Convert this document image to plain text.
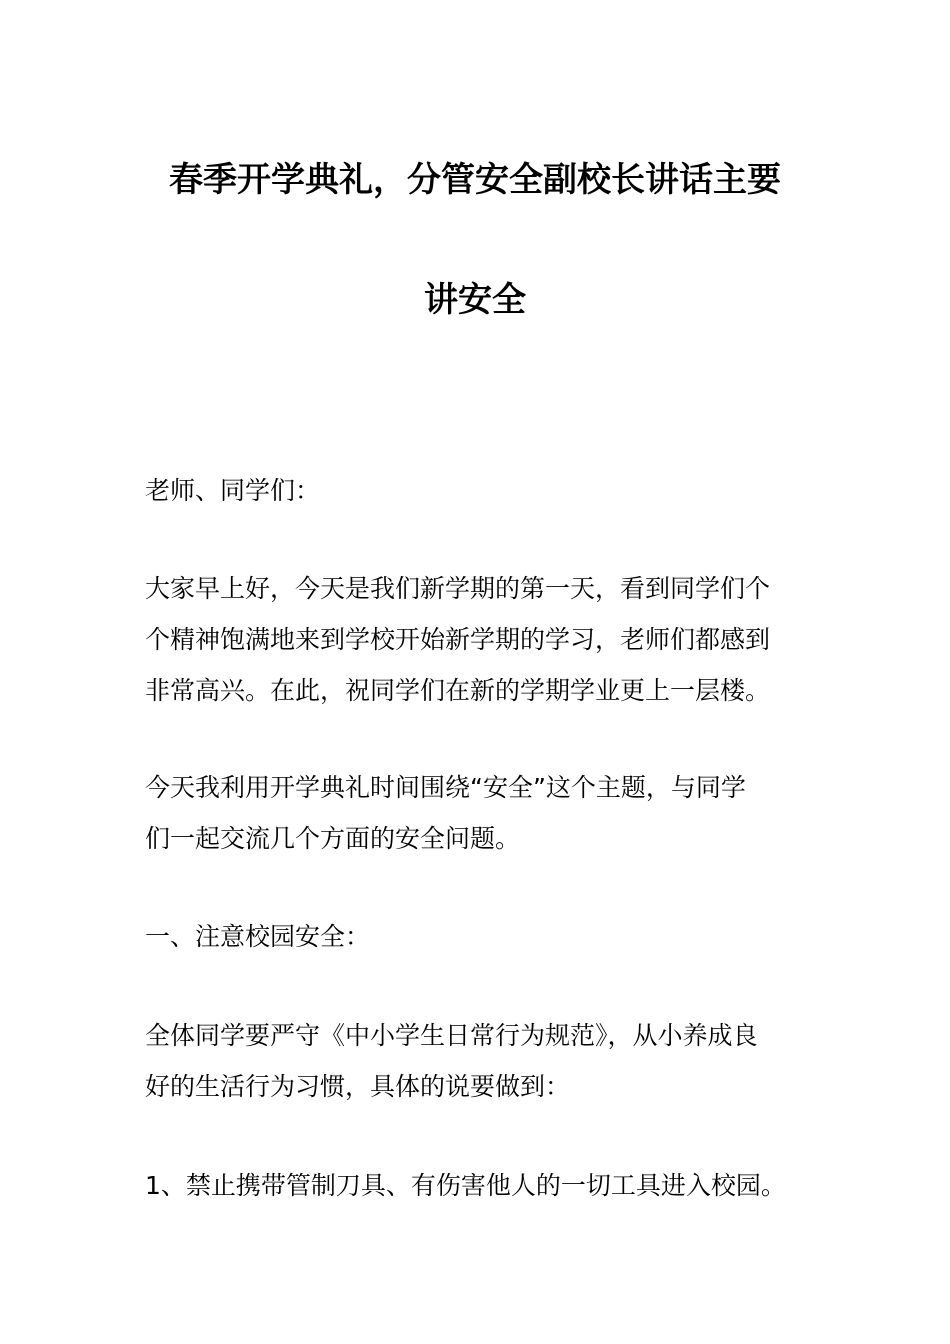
春季开学典礼，分管安全副校长讲话主要
讲安全

老师、同学们：

大家早上好，今天是我们新学期的第一天，看到同学们个
个精神饱满地来到学校开始新学期的学习，老师们都感到
非常高兴。在此，祝同学们在新的学期学业更上一层楼。

今天我利用开学典礼时间围绕“安全”这个主题，与同学
们一起交流几个方面的安全问题。

一、注意校园安全：

全体同学要严守《中小学生日常行为规范》，从小养成良
好的生活行为习惯，具体的说要做到：

1、禁止携带管制刀具、有伤害他人的一切工具进入校园。
